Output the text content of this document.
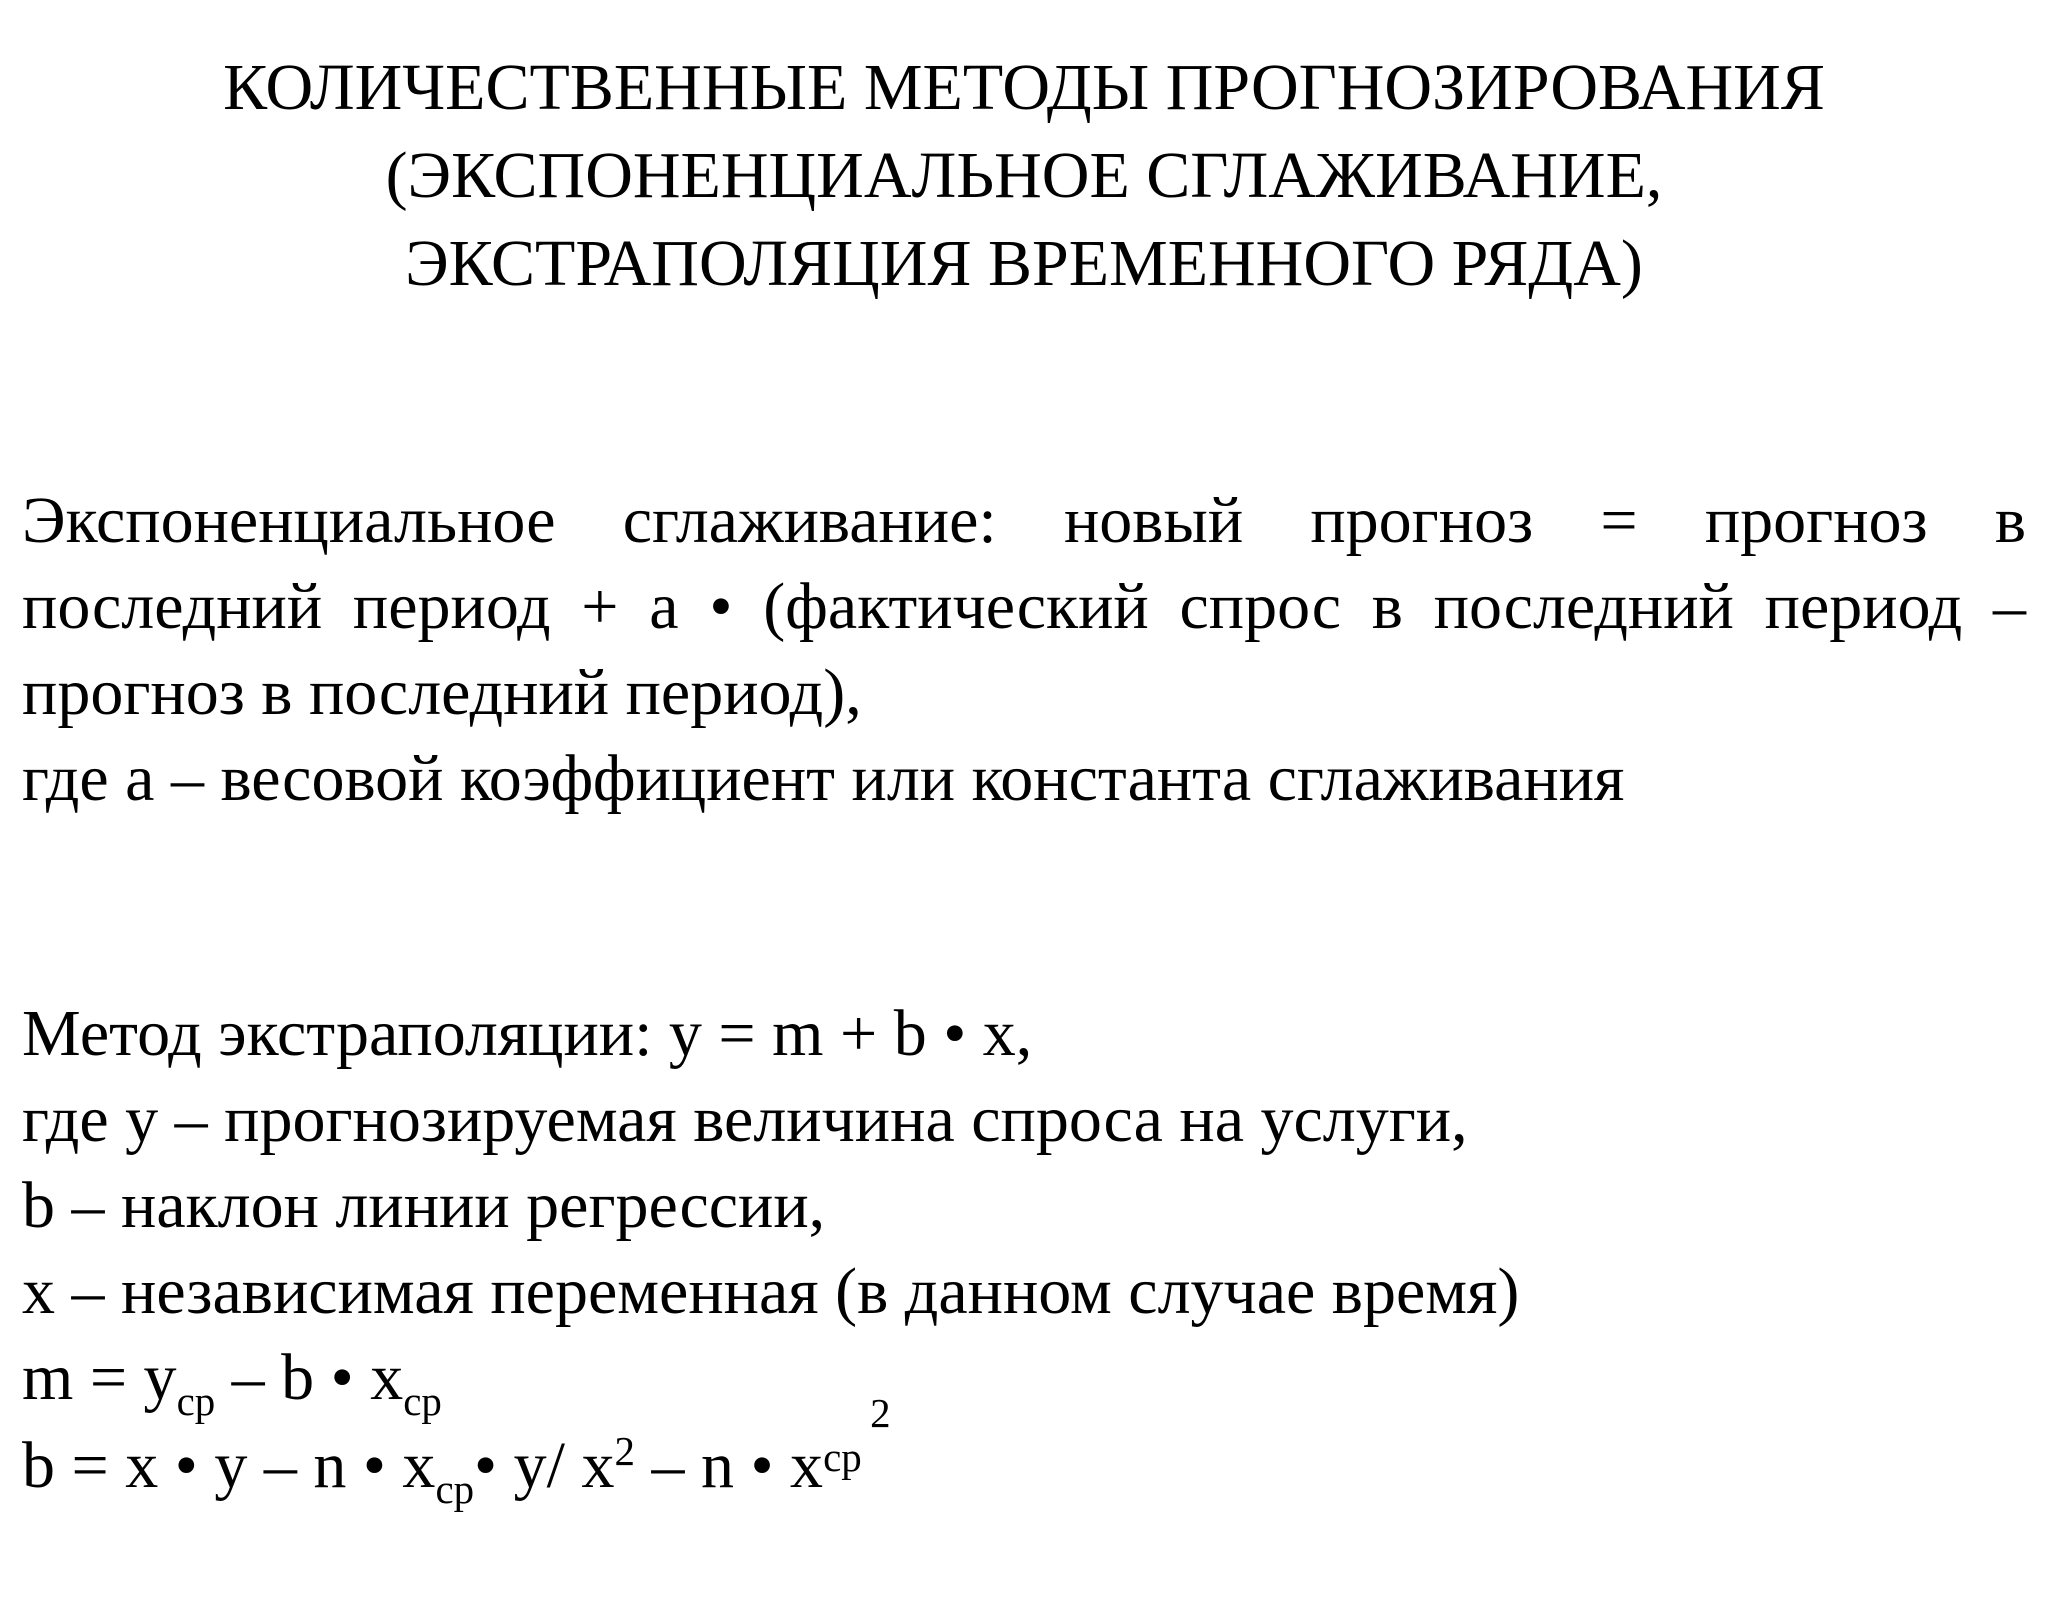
КОЛИЧЕСТВЕННЫЕ МЕТОДЫ ПРОГНОЗИРОВАНИЯ
(ЭКСПОНЕНЦИАЛЬНОЕ СГЛАЖИВАНИЕ,
ЭКСТРАПОЛЯЦИЯ ВРЕМЕННОГО РЯДА)
Экспоненциальное сглаживание: новый прогноз = прогноз в
последний период + a • (фактический спрос в последний период –
прогноз в последний период),
где a – весовой коэффициент или константа сглаживания
Метод экстраполяции: y = m + b • x,
где y – прогнозируемая величина спроса на услуги,
b – наклон линии регрессии,
x – независимая переменная (в данном случае время)
$m = y_{ср} - b$ • $x_{ср}$
b = x • y – n • $x_{ср}•$ y/ $x^2$ – n • x ср
2
